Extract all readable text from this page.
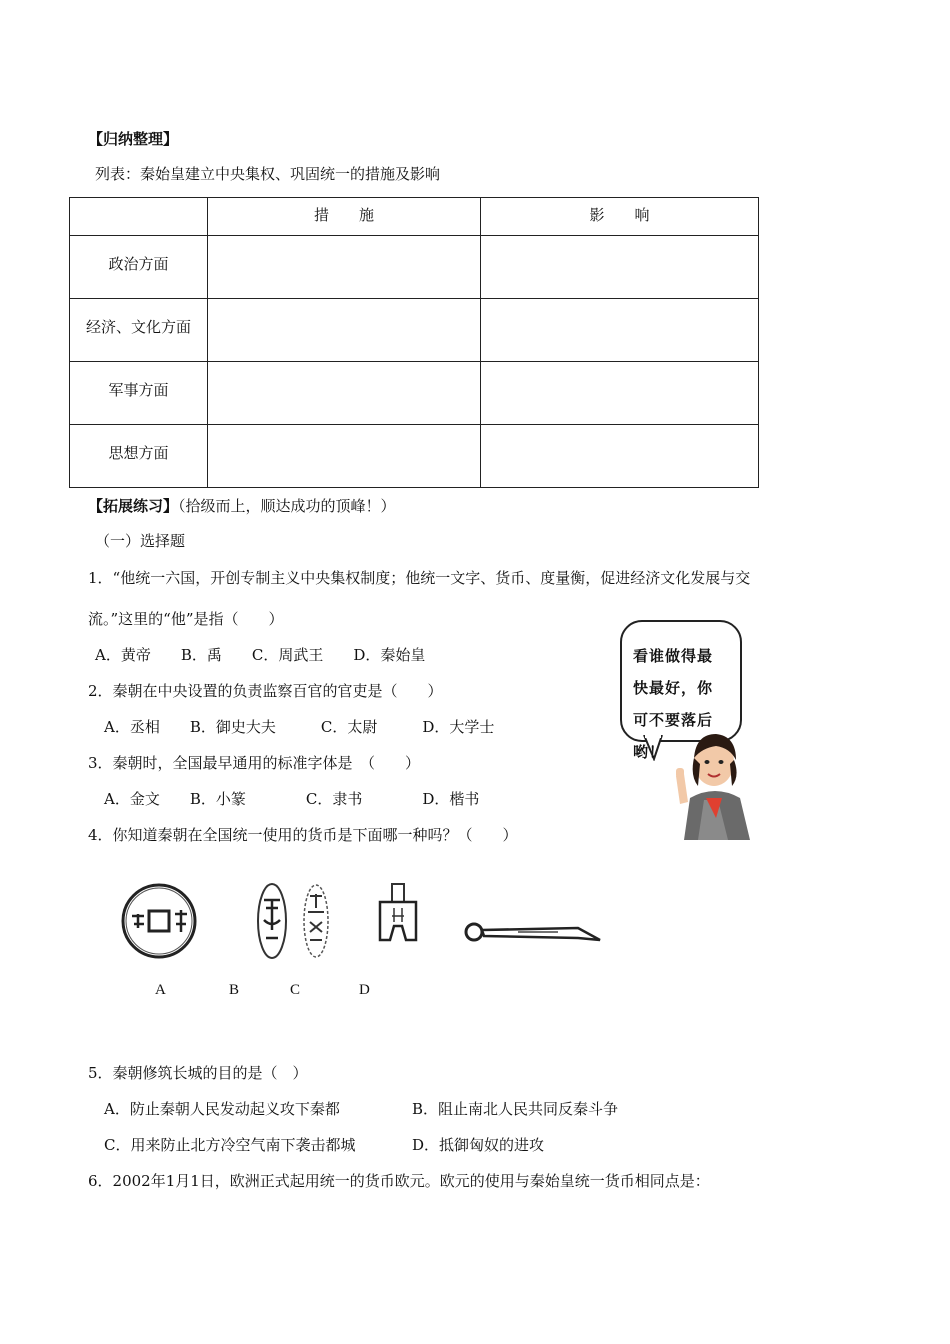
【归纳整理】
列表：秦始皇建立中央集权、巩固统一的措施及影响
	措　　施	影　　响
政治方面		
经济、文化方面		
军事方面		
思想方面		
【拓展练习】（拾级而上，顺达成功的顶峰！）
（一）选择题
1．“他统一六国，开创专制主义中央集权制度；他统一文字、货币、度量衡，促进经济文化发展与交
流。”这里的“他”是指（　　）
A．黄帝　　B．禹　　C．周武王　　D．秦始皇
2．秦朝在中央设置的负责监察百官的官吏是（　　）
A．丞相　　B．御史大夫　　　C．太尉　　　D．大学士
3．秦朝时，全国最早通用的标准字体是　（　　）
A．金文　　B．小篆　　　　C．隶书　　　　D．楷书
4．你知道秦朝在全国统一使用的货币是下面哪一种吗？（　　）
A	B	C	D
5．秦朝修筑长城的目的是（　）
A．防止秦朝人民发动起义攻下秦都	B．阻止南北人民共同反秦斗争
C．用来防止北方冷空气南下袭击都城	D．抵御匈奴的进攻
6．2002年1月1日，欧洲正式起用统一的货币欧元。欧元的使用与秦始皇统一货币相同点是：
看谁做得最
快最好，你
可不要落后
哟！
